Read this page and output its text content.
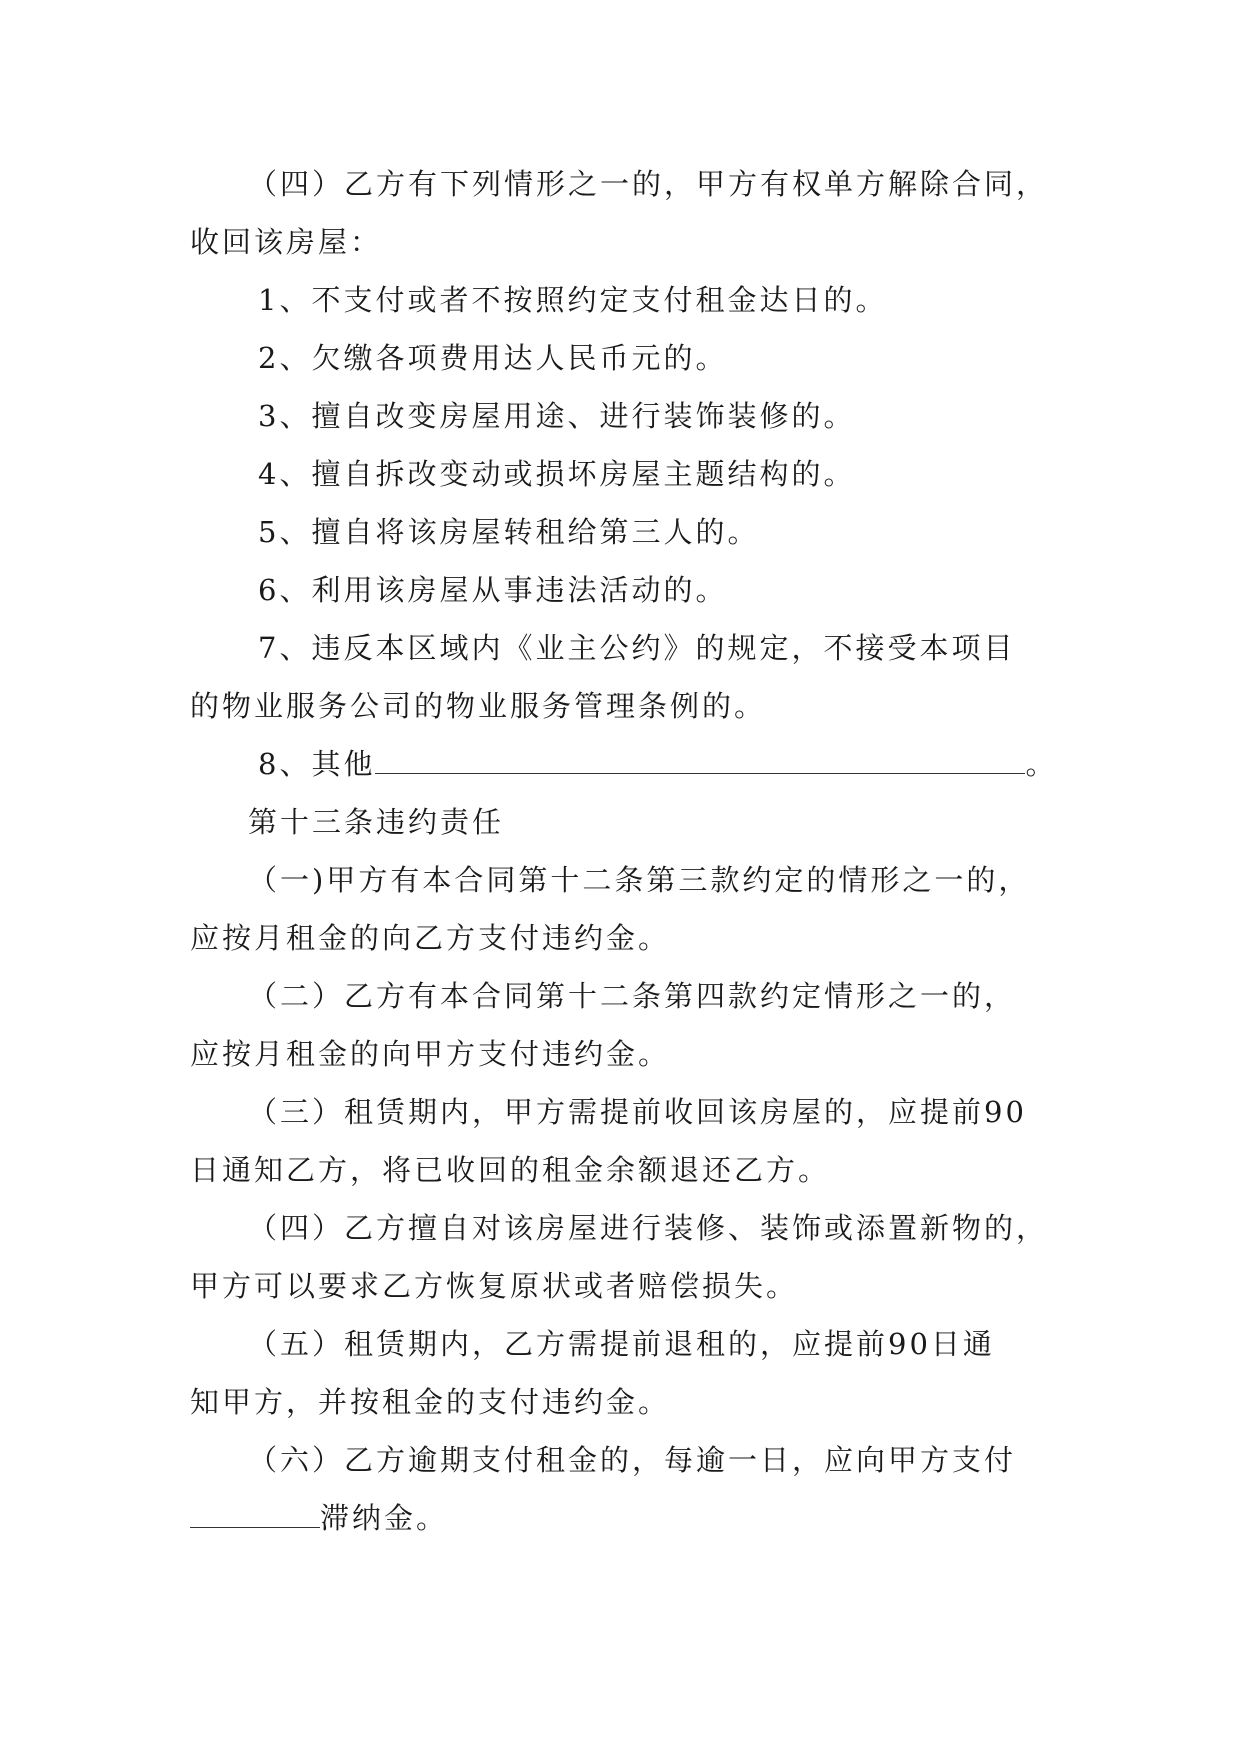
（四）乙方有下列情形之一的，甲方有权单方解除合同，

收回该房屋：

1、不支付或者不按照约定支付租金达日的。

2、欠缴各项费用达人民币元的。

3、擅自改变房屋用途、进行装饰装修的。

4、擅自拆改变动或损坏房屋主题结构的。

5、擅自将该房屋转租给第三人的。

6、利用该房屋从事违法活动的。

7、违反本区域内《业主公约》的规定，不接受本项目

的物业服务公司的物业服务管理条例的。

8、其他	。

第十三条违约责任

（一)甲方有本合同第十二条第三款约定的情形之一的，

应按月租金的向乙方支付违约金。

（二）乙方有本合同第十二条第四款约定情形之一的，

应按月租金的向甲方支付违约金。

（三）租赁期内，甲方需提前收回该房屋的，应提前90

日通知乙方，将已收回的租金余额退还乙方。

（四）乙方擅自对该房屋进行装修、装饰或添置新物的，

甲方可以要求乙方恢复原状或者赔偿损失。

（五）租赁期内，乙方需提前退租的，应提前90日通

知甲方，并按租金的支付违约金。

（六）乙方逾期支付租金的，每逾一日，应向甲方支付

滞纳金。
